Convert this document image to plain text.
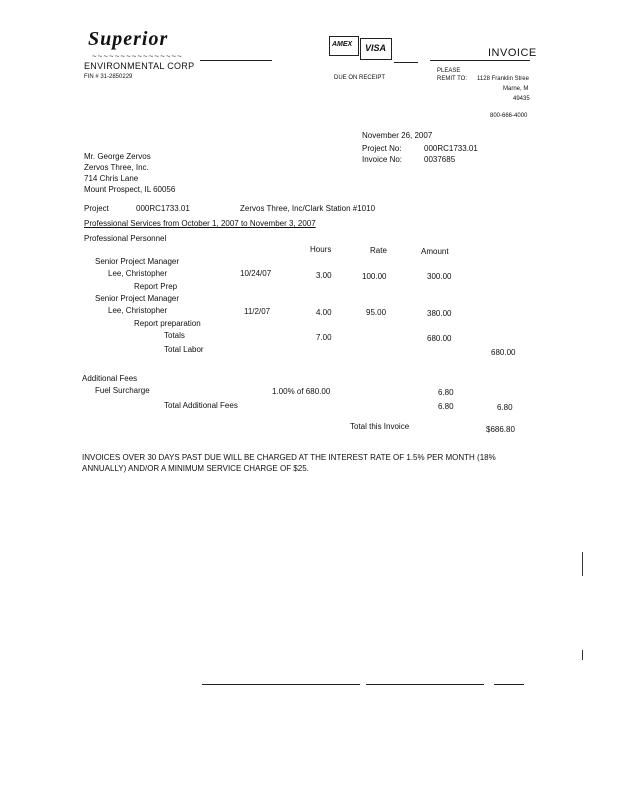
Superior
~~~~~~~~~~~~~~~~
ENVIRONMENTAL CORP
FIN # 31-2850229
AMEX VISA	INVOICE
DUE ON RECEIPT
PLEASE
REMIT TO: 1128 Franklin Stree
Marne, M
49435
800-666-4000
November 26, 2007
Project No:	000RC1733.01
Invoice No:	0037685
Mr. George Zervos
Zervos Three, Inc.
714 Chris Lane
Mount Prospect, IL 60056
Project	000RC1733.01	Zervos Three, Inc/Clark Station #1010
Professional Services from October 1, 2007 to November 3, 2007
Professional Personnel
Hours	Rate	Amount
Senior Project Manager
Lee, Christopher	10/24/07	3.00	100.00	300.00
Report Prep
Senior Project Manager
Lee, Christopher	11/2/07	4.00	95.00	380.00
Report preparation
Totals	7.00	680.00
Total Labor	680.00
Additional Fees
Fuel Surcharge	1.00% of 680.00	6.80
Total Additional Fees	6.80	6.80
Total this Invoice	$686.80
INVOICES OVER 30 DAYS PAST DUE WILL BE CHARGED AT THE INTEREST RATE OF 1.5% PER MONTH (18% ANNUALLY) AND/OR A MINIMUM SERVICE CHARGE OF $25.
